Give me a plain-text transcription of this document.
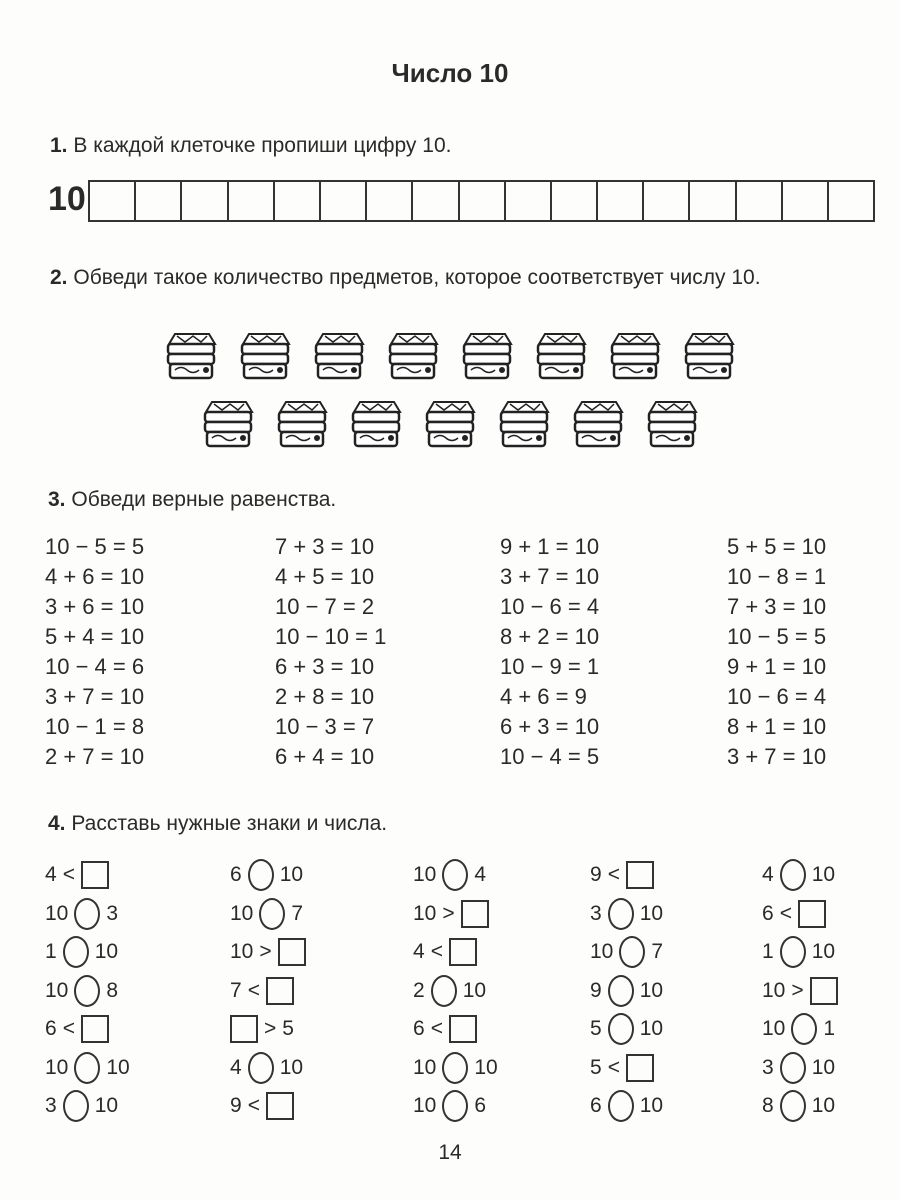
Число 10
1. В каждой клеточке пропиши цифру 10.
10
2. Обведи такое количество предметов, которое соответствует числу 10.
3. Обведи верные равенства.
4. Расставь нужные знаки и числа.
14
10 − 5 = 5
4 + 6 = 10
3 + 6 = 10
5 + 4 = 10
10 − 4 = 6
3 + 7 = 10
10 − 1 = 8
2 + 7 = 10
7 + 3 = 10
4 + 5 = 10
10 − 7 = 2
10 − 10 = 1
6 + 3 = 10
2 + 8 = 10
10 − 3 = 7
6 + 4 = 10
9 + 1 = 10
3 + 7 = 10
10 − 6 = 4
8 + 2 = 10
10 − 9 = 1
4 + 6 = 9
6 + 3 = 10
10 − 4 = 5
5 + 5 = 10
10 − 8 = 1
7 + 3 = 10
10 − 5 = 5
9 + 1 = 10
10 − 6 = 4
8 + 1 = 10
3 + 7 = 10
4 <
10 3
1 10
10 8
6 <
10 10
3 10
6 10
10 7
10 >
7 <
> 5
4 10
9 <
10 4
10 >
4 <
2 10
6 <
10 10
10 6
9 <
3 10
10 7
9 10
5 10
5 <
6 10
4 10
6 <
1 10
10 >
10 1
3 10
8 10
